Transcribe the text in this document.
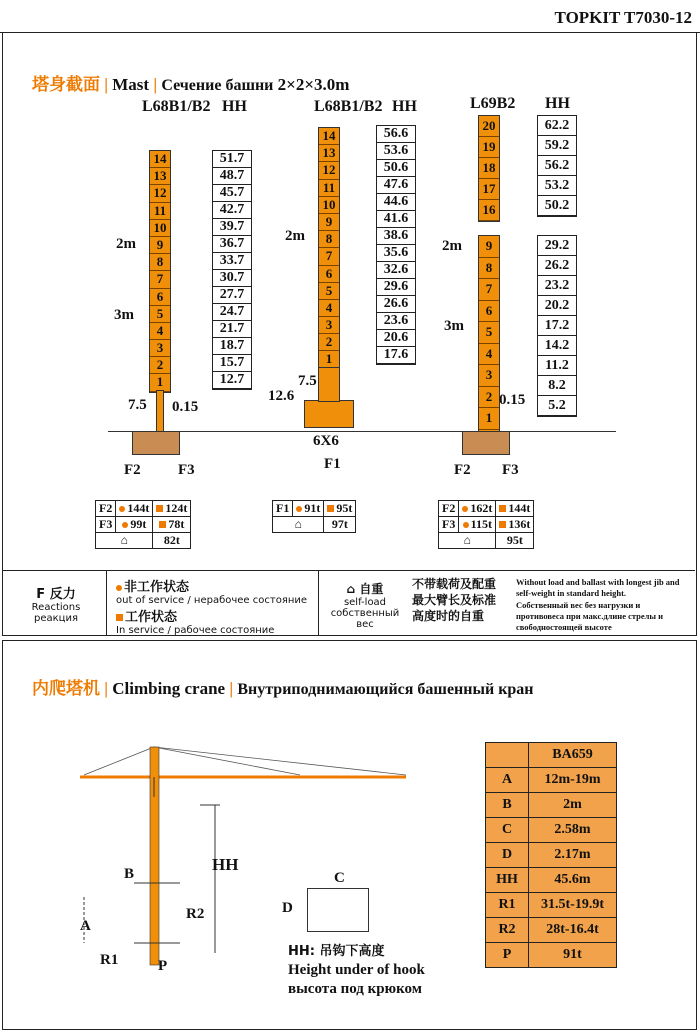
TOPKIT T7030-12
塔身截面 | Mast | Сечение башни 2×2×3.0m
L68B1/B2 HH
14
13
12
11
10
9
8
7
6
5
4
3
2
1
51.7
48.7
45.7
42.7
39.7
36.7
33.7
30.7
27.7
24.7
21.7
18.7
15.7
12.7
2m
3m
7.5 0.15
L68B1/B2 HH
14
13
12
11
10
9
8
7
6
5
4
3
2
1
56.6
53.6
50.6
47.6
44.6
41.6
38.6
35.6
32.6
29.6
26.6
23.6
20.6
17.6
2m
7.5
12.6
6X6
L69B2 HH
20
19
18
17
16
9
8
7
6
5
4
3
2
1
62.2
59.2
56.2
53.2
50.2
29.2
26.2
23.2
20.2
17.2
14.2
11.2
8.2
5.2
2m
3m
0.15
F2 F3	F1	F2 F3
F2	144t	124t
F3	99t	78t
⌂		82t
F1	91t	95t
⌂		97t
F2	162t	144t
F3	115t	136t
⌂		95t
F 反力
Reactions
реакция
非工作状态
out of service / нерабочее состояние
工作状态
In service / рабочее состояние
⌂ 自重
self-load
собственный вес
不带载荷及配重
最大臂长及标准
高度时的自重
Without load and ballast with longest jib and self-weight in standard height.
Собственный вес без нагрузки и противовеса при макс.длине стрелы и свободностоящей высоте
内爬塔机 | Climbing crane | Внутриподнимающийся башенный кран
HH
B
A
R1
R2
P
C
D
HH: 吊钩下高度
Height under of hook
высота под крюком
	BA659
A	12m-19m
B	2m
C	2.58m
D	2.17m
HH	45.6m
R1	31.5t-19.9t
R2	28t-16.4t
P	91t
